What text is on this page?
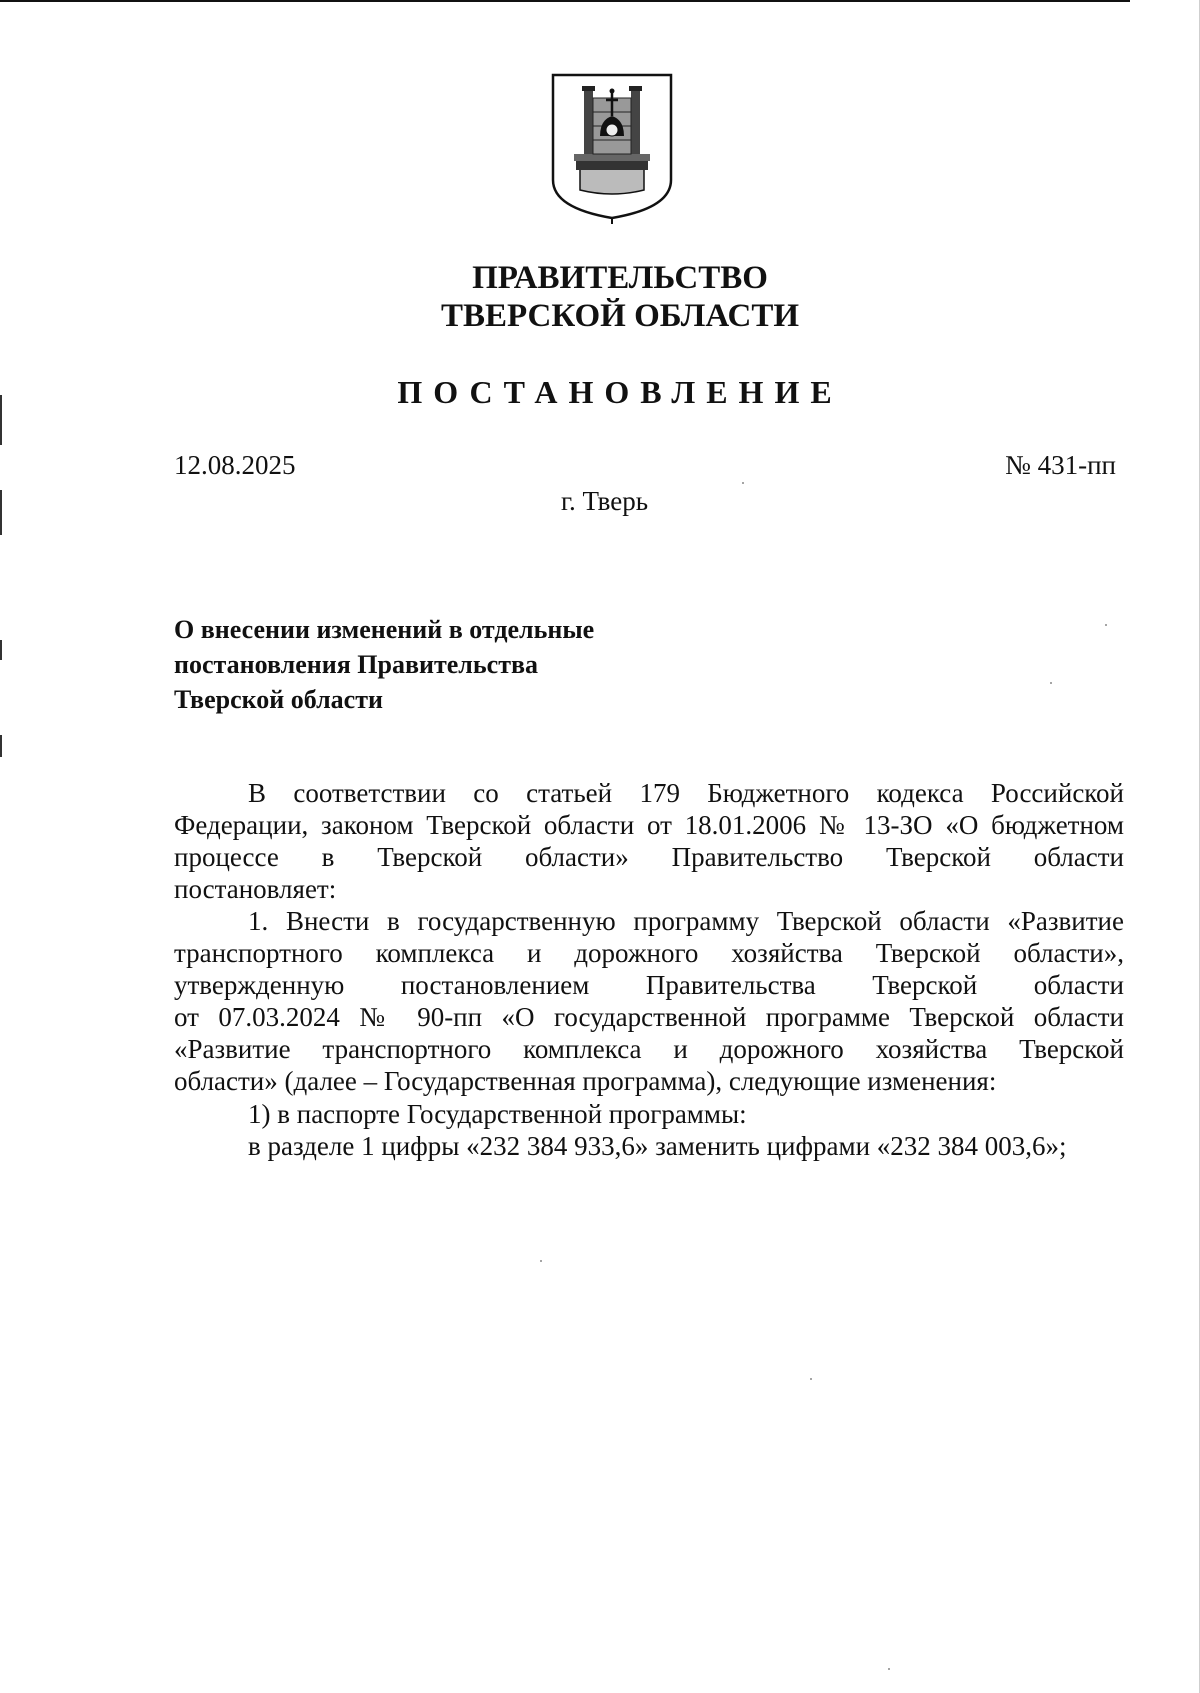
ПРАВИТЕЛЬСТВО
ТВЕРСКОЙ ОБЛАСТИ
ПОСТАНОВЛЕНИЕ
12.08.2025	№ 431-пп
г. Тверь
О внесении изменений в отдельные
постановления Правительства
Тверской области
В соответствии со статьей 179 Бюджетного кодекса Российской
Федерации, законом Тверской области от 18.01.2006 № 13-ЗО «О бюджетном
процессе в Тверской области» Правительство Тверской области
постановляет:
1. Внести в государственную программу Тверской области «Развитие
транспортного комплекса и дорожного хозяйства Тверской области»,
утвержденную постановлением Правительства Тверской области
от 07.03.2024 № 90-пп «О государственной программе Тверской области
«Развитие транспортного комплекса и дорожного хозяйства Тверской
области» (далее – Государственная программа), следующие изменения:
1) в паспорте Государственной программы:
в разделе 1 цифры «232 384 933,6» заменить цифрами «232 384 003,6»;
